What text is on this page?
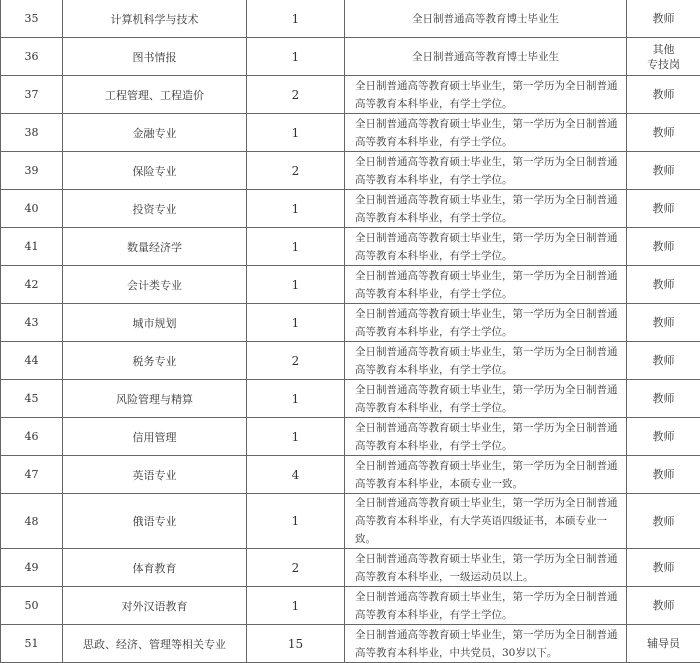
35	计算机科学与技术	1	全日制普通高等教育博士毕业生	教师
36	图书情报	1	全日制普通高等教育博士毕业生	其他
专技岗
37	工程管理、工程造价	2	全日制普通高等教育硕士毕业生，第一学历为全日制普通高等教育本科毕业，有学士学位。	教师
38	金融专业	1	全日制普通高等教育硕士毕业生，第一学历为全日制普通高等教育本科毕业，有学士学位。	教师
39	保险专业	2	全日制普通高等教育硕士毕业生，第一学历为全日制普通高等教育本科毕业，有学士学位。	教师
40	投资专业	1	全日制普通高等教育硕士毕业生，第一学历为全日制普通高等教育本科毕业，有学士学位。	教师
41	数量经济学	1	全日制普通高等教育硕士毕业生，第一学历为全日制普通高等教育本科毕业，有学士学位。	教师
42	会计类专业	1	全日制普通高等教育硕士毕业生，第一学历为全日制普通高等教育本科毕业，有学士学位。	教师
43	城市规划	1	全日制普通高等教育硕士毕业生，第一学历为全日制普通高等教育本科毕业，有学士学位。	教师
44	税务专业	2	全日制普通高等教育硕士毕业生，第一学历为全日制普通高等教育本科毕业，有学士学位。	教师
45	风险管理与精算	1	全日制普通高等教育硕士毕业生，第一学历为全日制普通高等教育本科毕业，有学士学位。	教师
46	信用管理	1	全日制普通高等教育硕士毕业生，第一学历为全日制普通高等教育本科毕业，有学士学位。	教师
47	英语专业	4	全日制普通高等教育硕士毕业生，第一学历为全日制普通高等教育本科毕业，本硕专业一致。	教师
48	俄语专业	1	全日制普通高等教育硕士毕业生，第一学历为全日制普通高等教育本科毕业，有大学英语四级证书，本硕专业一致。	教师
49	体育教育	2	全日制普通高等教育硕士毕业生，第一学历为全日制普通高等教育本科毕业，一级运动员以上。	教师
50	对外汉语教育	1	全日制普通高等教育硕士毕业生，第一学历为全日制普通高等教育本科毕业，有学士学位。	教师
51	思政、经济、管理等相关专业	15	全日制普通高等教育硕士毕业生，第一学历为全日制普通高等教育本科毕业，中共党员，30岁以下。	辅导员
